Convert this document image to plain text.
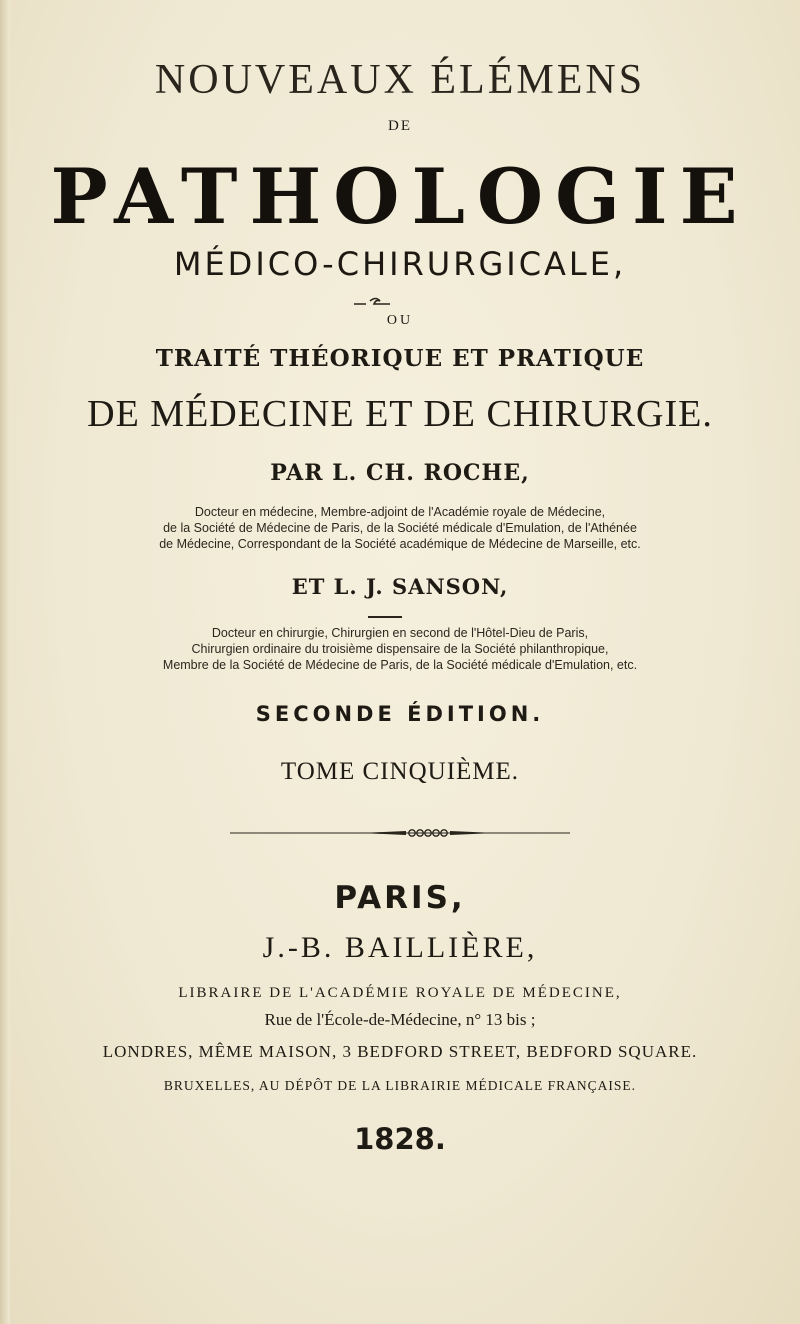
NOUVEAUX ÉLÉMENS
DE
PATHOLOGIE
MÉDICO-CHIRURGICALE,
OU
TRAITÉ THÉORIQUE ET PRATIQUE
DE MÉDECINE ET DE CHIRURGIE.
PAR L. CH. ROCHE,
Docteur en médecine, Membre-adjoint de l'Académie royale de Médecine,
de la Société de Médecine de Paris, de la Société médicale d'Emulation, de l'Athénée
de Médecine, Correspondant de la Société académique de Médecine de Marseille, etc.
ET L. J. SANSON,
Docteur en chirurgie, Chirurgien en second de l'Hôtel-Dieu de Paris,
Chirurgien ordinaire du troisième dispensaire de la Société philanthropique,
Membre de la Société de Médecine de Paris, de la Société médicale d'Emulation, etc.
SECONDE ÉDITION.
TOME CINQUIÈME.
PARIS,
J.-B. BAILLIÈRE,
LIBRAIRE DE L'ACADÉMIE ROYALE DE MÉDECINE,
Rue de l'École-de-Médecine, n° 13 bis ;
LONDRES, MÊME MAISON, 3 BEDFORD STREET, BEDFORD SQUARE.
BRUXELLES, AU DÉPÔT DE LA LIBRAIRIE MÉDICALE FRANÇAISE.
1828.
